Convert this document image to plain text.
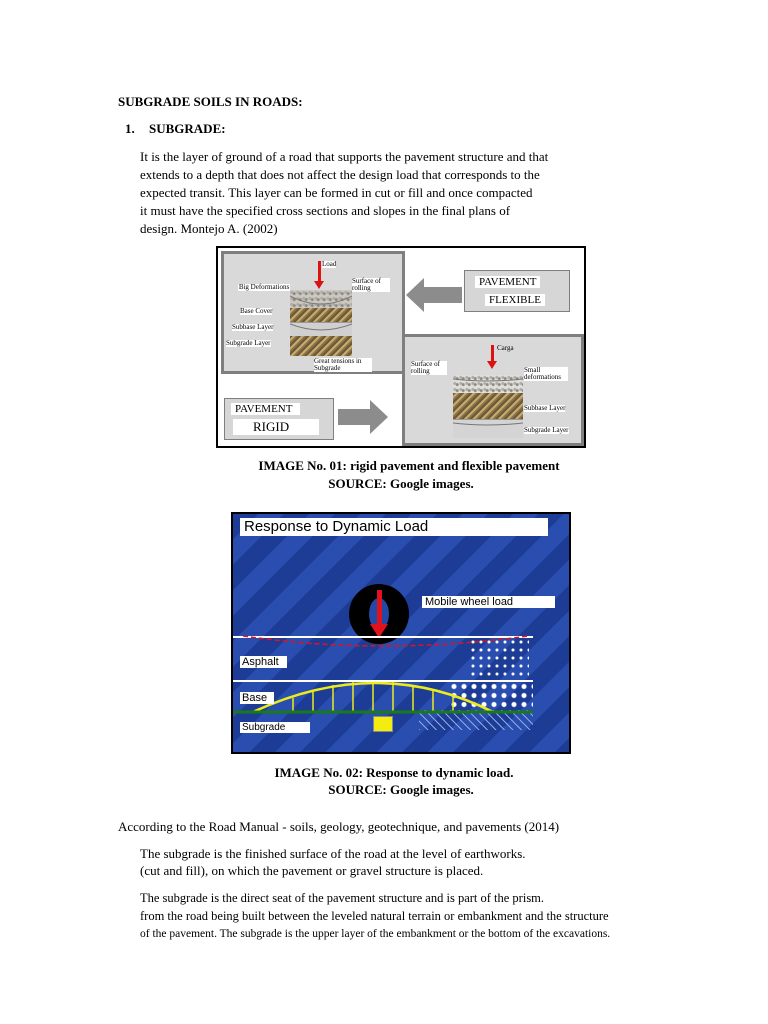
SUBGRADE SOILS IN ROADS:
1. SUBGRADE:
It is the layer of ground of a road that supports the pavement structure and that
extends to a depth that does not affect the design load that corresponds to the
expected transit. This layer can be formed in cut or fill and once compacted
it must have the specified cross sections and slopes in the final plans of
design. Montejo A. (2002)
Load
Surface of rolling
Big Deformations
Base Cover
Subbase Layer
Subgrade Layer
Great tensions in Subgrade
PAVEMENT
FLEXIBLE
Carga
Surface of rolling	Small deformations
Subbase Layer
Subgrade Layer
PAVEMENT
RIGID
IMAGE No. 01: rigid pavement and flexible pavement
SOURCE: Google images.
Response to Dynamic Load
Mobile wheel load
Asphalt
Base
Subgrade
IMAGE No. 02: Response to dynamic load.
SOURCE: Google images.
According to the Road Manual - soils, geology, geotechnique, and pavements (2014)
The subgrade is the finished surface of the road at the level of earthworks.
(cut and fill), on which the pavement or gravel structure is placed.
The subgrade is the direct seat of the pavement structure and is part of the prism.
from the road being built between the leveled natural terrain or embankment and the structure
of the pavement. The subgrade is the upper layer of the embankment or the bottom of the excavations.
